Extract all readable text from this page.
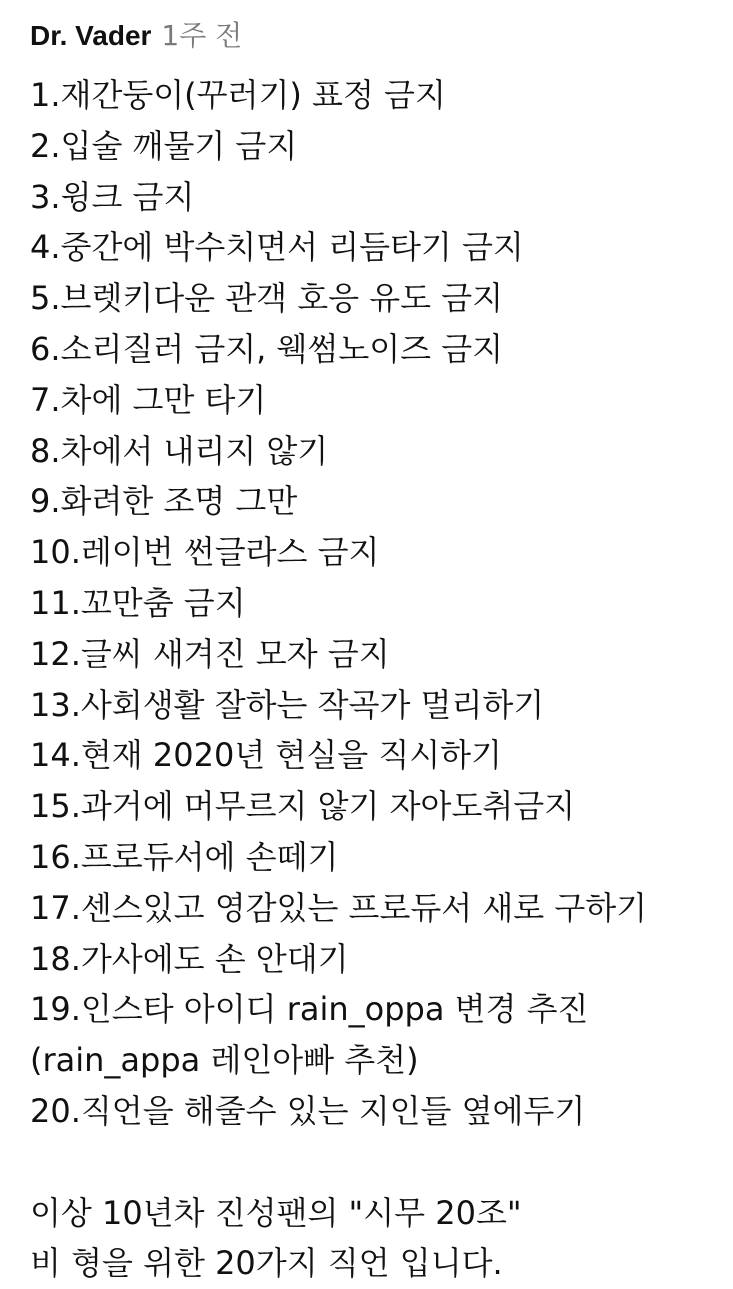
Dr. Vader 1주 전
1.재간둥이(꾸러기) 표정 금지
2.입술 깨물기 금지
3.윙크 금지
4.중간에 박수치면서 리듬타기 금지
5.브렛키다운 관객 호응 유도 금지
6.소리질러 금지, 웩썸노이즈 금지
7.차에 그만 타기
8.차에서 내리지 않기
9.화려한 조명 그만
10.레이번 썬글라스 금지
11.꼬만춤 금지
12.글씨 새겨진 모자 금지
13.사회생활 잘하는 작곡가 멀리하기
14.현재 2020년 현실을 직시하기
15.과거에 머무르지 않기 자아도취금지
16.프로듀서에 손떼기
17.센스있고 영감있는 프로듀서 새로 구하기
18.가사에도 손 안대기
19.인스타 아이디 rain_oppa 변경 추진
(rain_appa 레인아빠 추천)
20.직언을 해줄수 있는 지인들 옆에두기
이상 10년차 진성팬의 "시무 20조"
비 형을 위한 20가지 직언 입니다.
